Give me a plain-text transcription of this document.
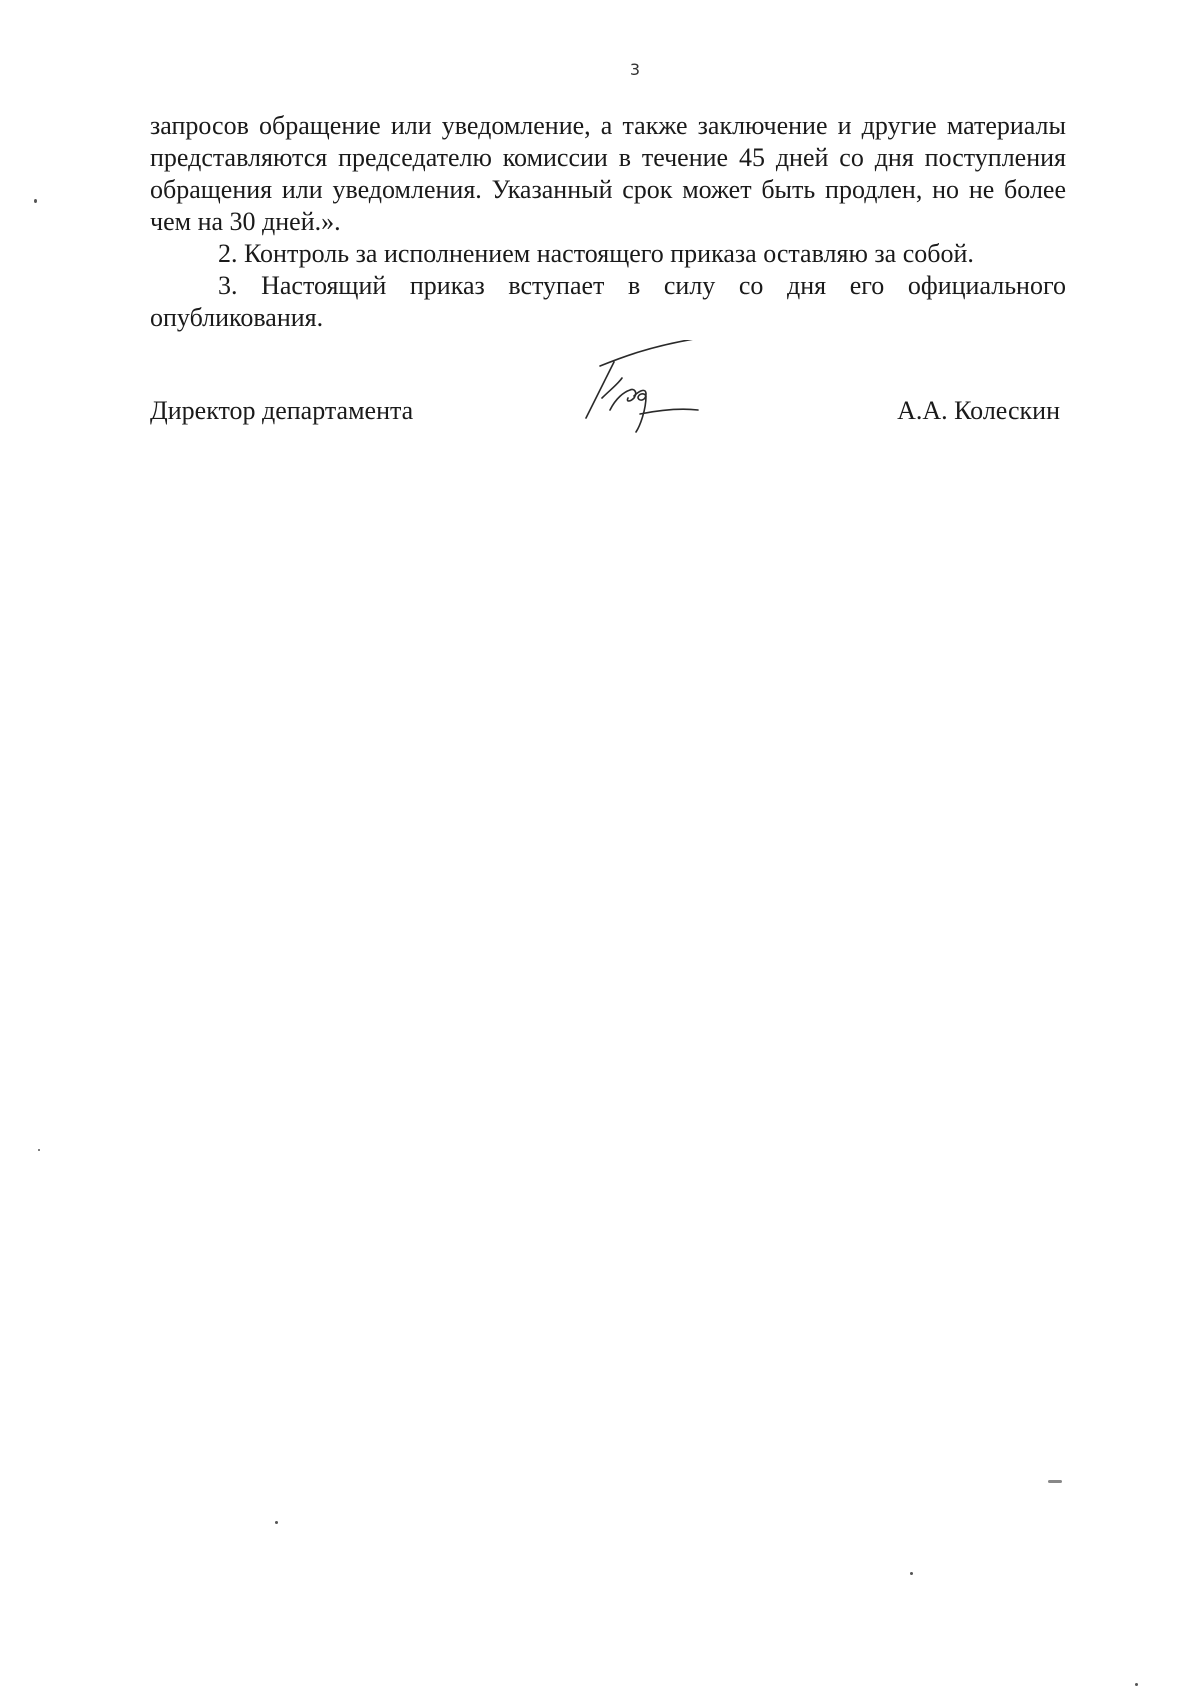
3

запросов обращение или уведомление, а также заключение и другие материалы представляются председателю комиссии в течение 45 дней со дня поступления обращения или уведомления. Указанный срок может быть продлен, но не более чем на 30 дней.».

2. Контроль за исполнением настоящего приказа оставляю за собой.

3. Настоящий приказ вступает в силу со дня его официального опубликования.

Директор департамента	А.А. Колескин
